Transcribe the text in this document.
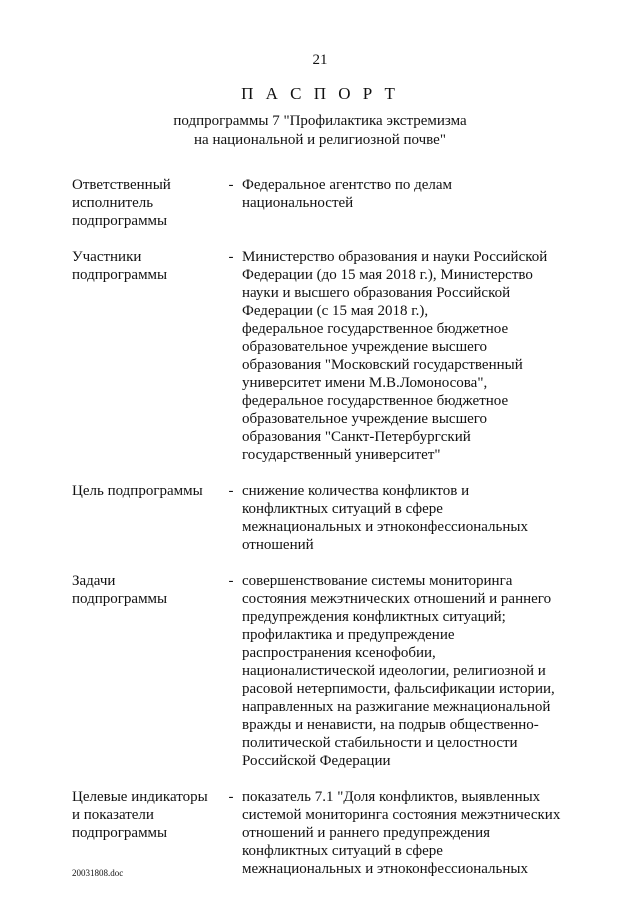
21
П А С П О Р Т
подпрограммы 7 "Профилактика экстремизма
на национальной и религиозной почве"
Ответственный
исполнитель
подпрограммы
- Федеральное агентство по делам
национальностей
Участники
подпрограммы
- Министерство образования и науки Российской
Федерации (до 15 мая 2018 г.), Министерство
науки и высшего образования Российской
Федерации (с 15 мая 2018 г.),
федеральное государственное бюджетное
образовательное учреждение высшего
образования "Московский государственный
университет имени М.В.Ломоносова",
федеральное государственное бюджетное
образовательное учреждение высшего
образования "Санкт-Петербургский
государственный университет"
Цель подпрограммы	- снижение количества конфликтов и
конфликтных ситуаций в сфере
межнациональных и этноконфессиональных
отношений
Задачи
подпрограммы
- совершенствование системы мониторинга
состояния межэтнических отношений и раннего
предупреждения конфликтных ситуаций;
профилактика и предупреждение
распространения ксенофобии,
националистической идеологии, религиозной и
расовой нетерпимости, фальсификации истории,
направленных на разжигание межнациональной
вражды и ненависти, на подрыв общественно-
политической стабильности и целостности
Российской Федерации
Целевые индикаторы
и показатели
подпрограммы
- показатель 7.1 "Доля конфликтов, выявленных
системой мониторинга состояния межэтнических
отношений и раннего предупреждения
конфликтных ситуаций в сфере
межнациональных и этноконфессиональных
20031808.doc
